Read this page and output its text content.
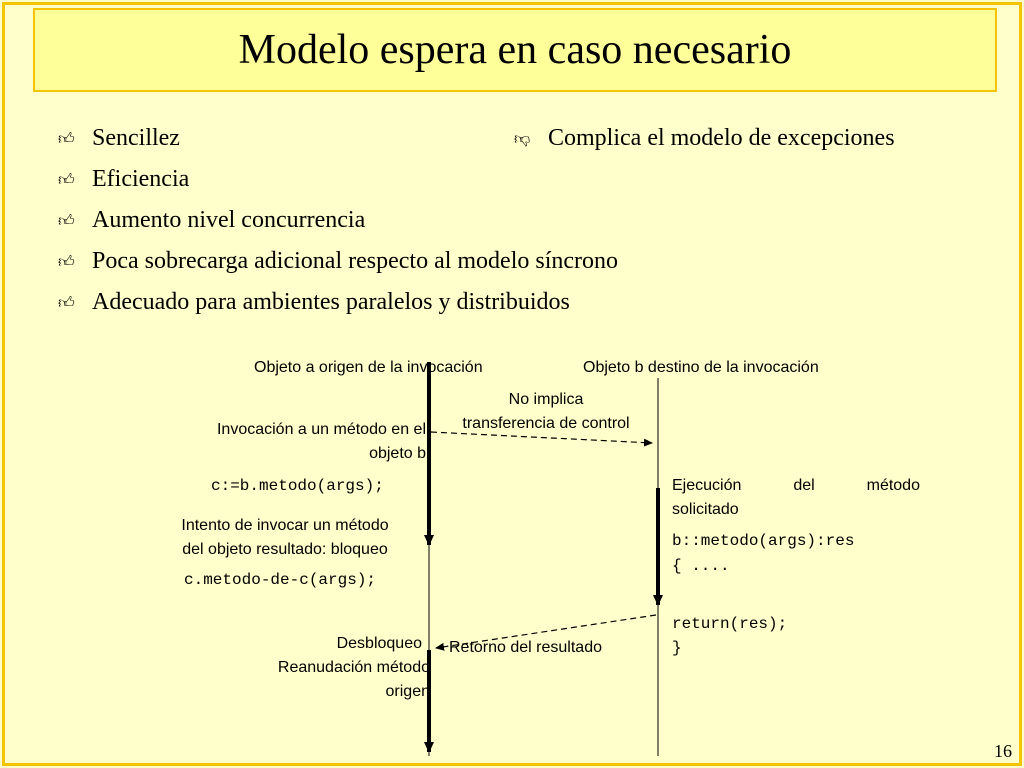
Modelo espera en caso necesario
👍︎ Sencillez
👍︎ Eficiencia
👍︎ Aumento nivel concurrencia
👍︎ Poca sobrecarga adicional respecto al modelo síncrono
👍︎ Adecuado para ambientes paralelos y distribuidos
👎︎ Complica el modelo de excepciones
Objeto a origen de la invocación	Objeto b destino de la invocación
No implica
transferencia de control
Invocación a un método en el
objeto b
c:=b.metodo(args);
Intento de invocar un método
del objeto resultado: bloqueo
c.metodo-de-c(args);
Ejecución	del	método
solicitado
b::metodo(args):res
{ ....
return(res);
}
Desbloqueo
Reanudación método
origen
Retorno del resultado
16
